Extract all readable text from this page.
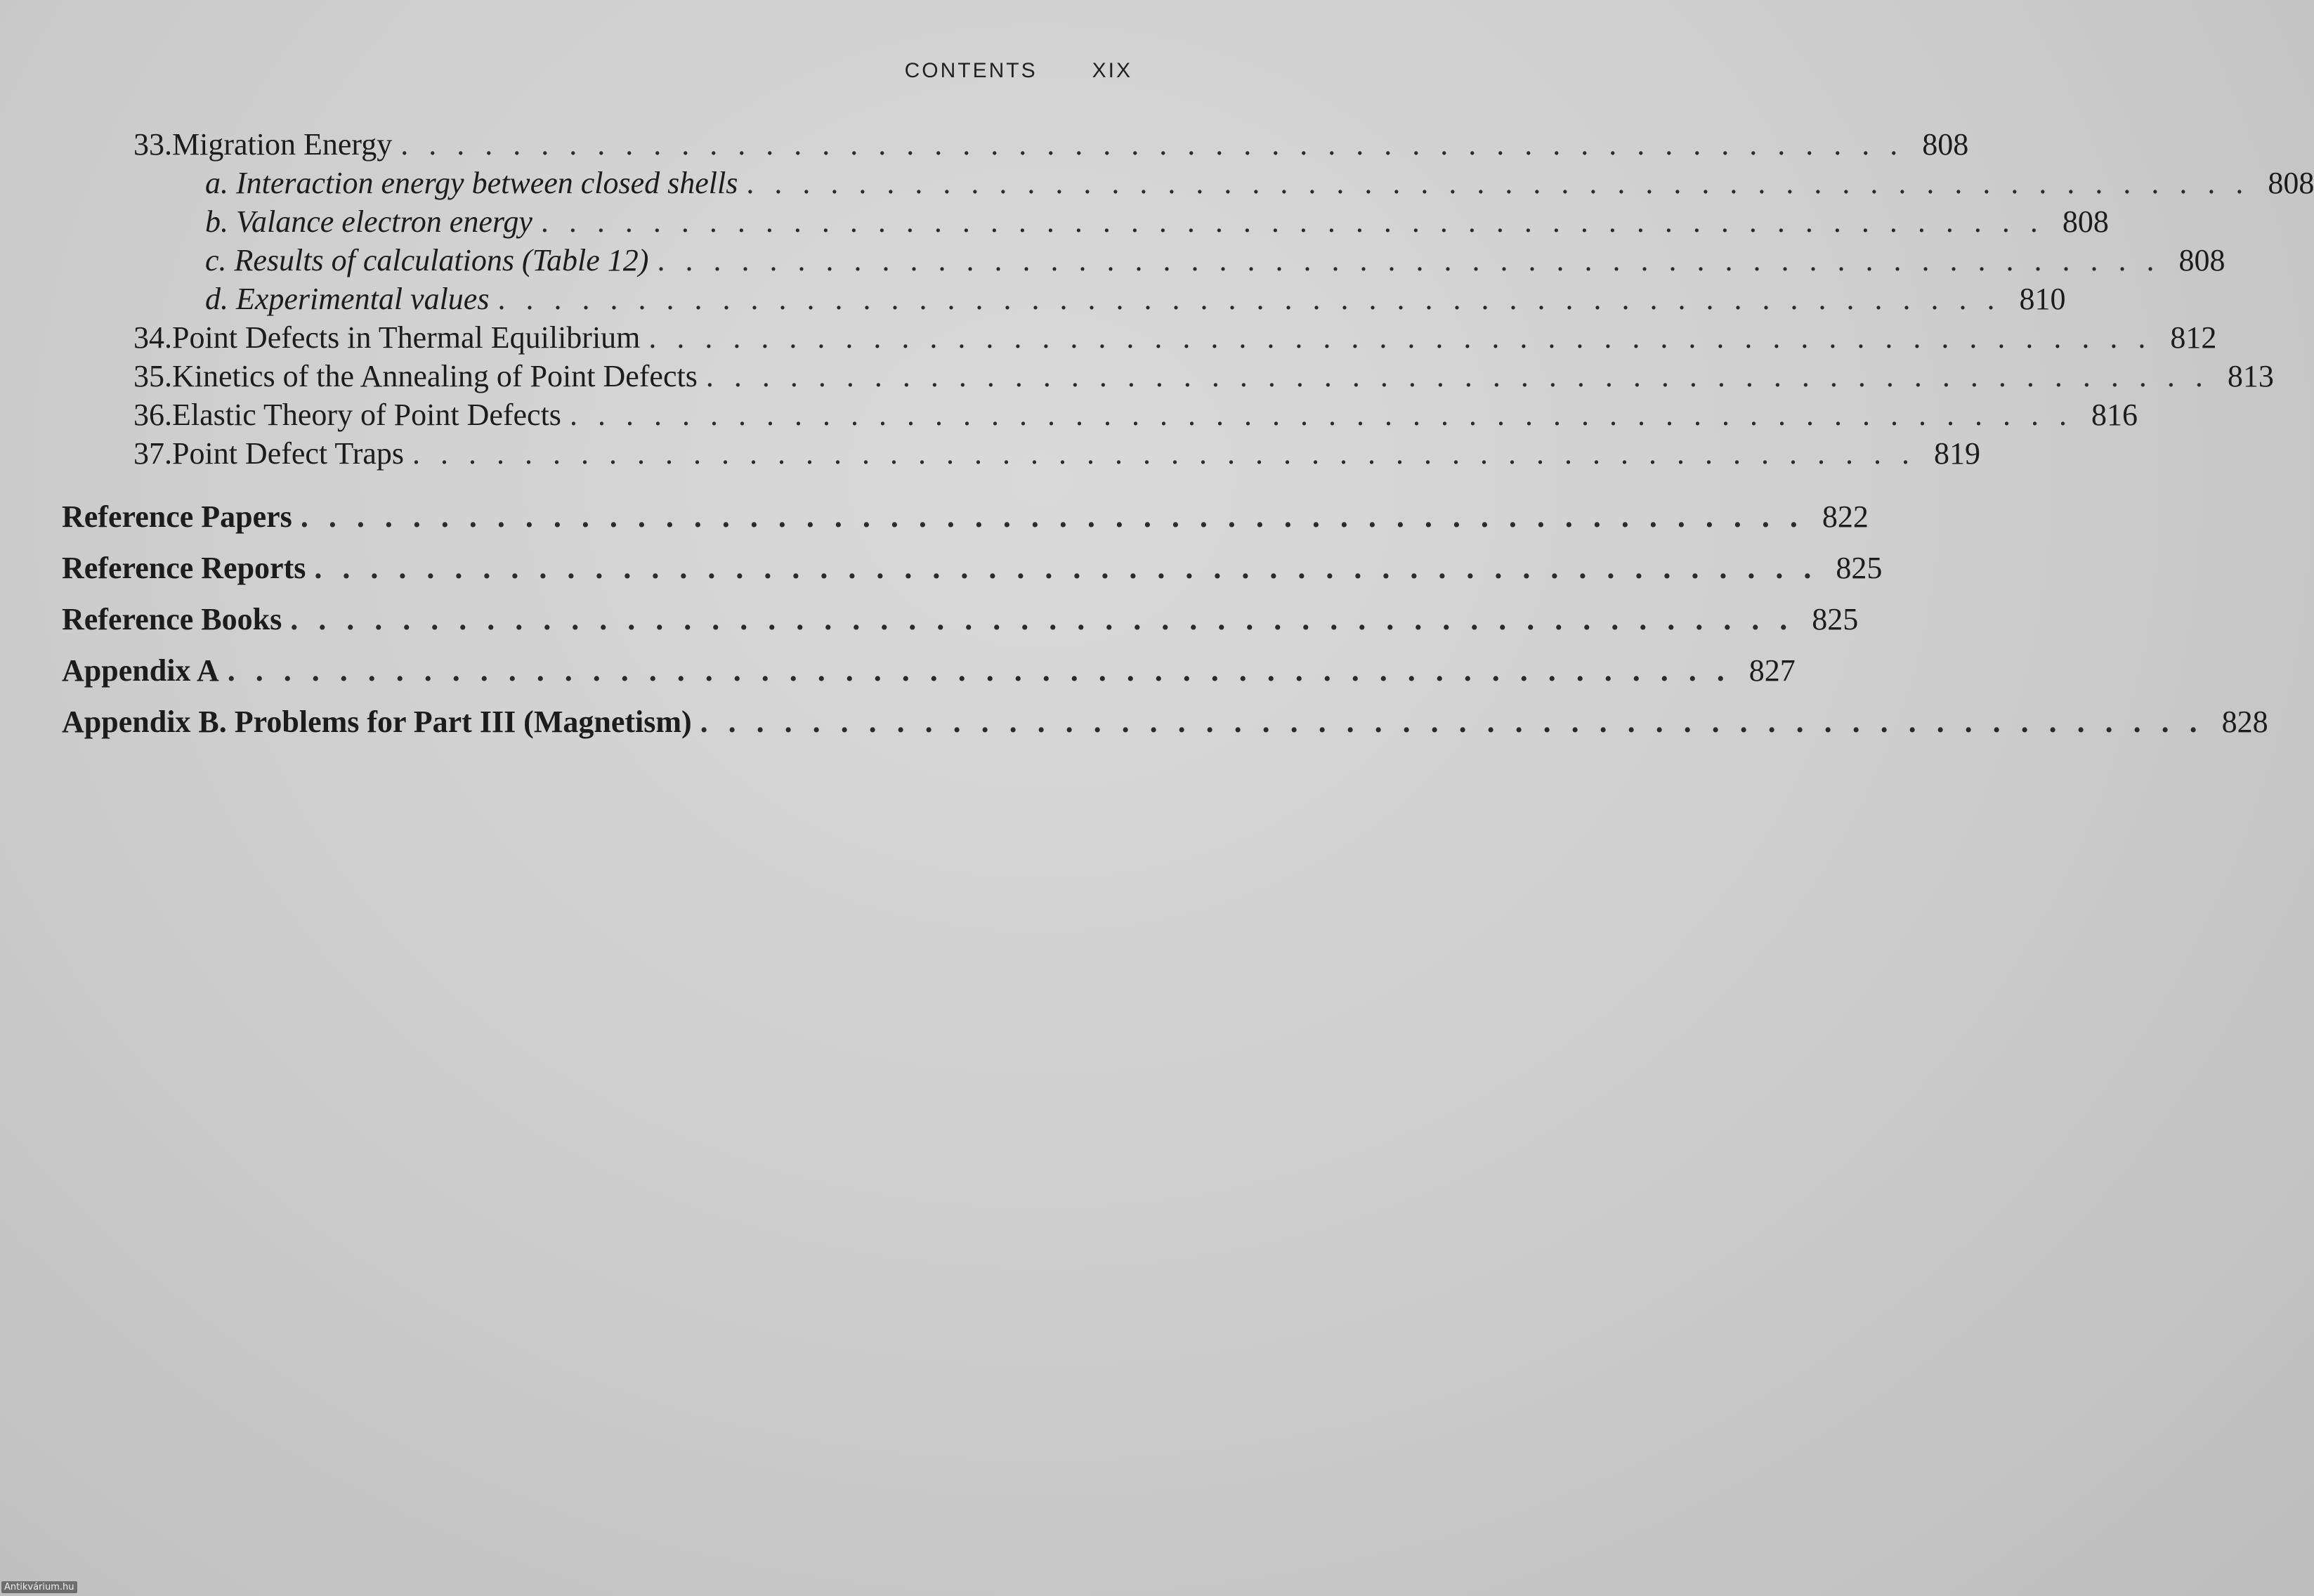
CONTENTS	XIX
33. Migration Energy . . . . . . . . . . . . . . . . . . . . . . . . . . . . . . . . . . . . . . . . . . . . . . . . . . . . . . 808
a. Interaction energy between closed shells . . . . . . . . . . . . . . . . . . . . . . . . . . . . . . . . . . . . . . . . . . . . . . . . . . . . . . 808
b. Valance electron energy . . . . . . . . . . . . . . . . . . . . . . . . . . . . . . . . . . . . . . . . . . . . . . . . . . . . . . 808
c. Results of calculations (Table 12) . . . . . . . . . . . . . . . . . . . . . . . . . . . . . . . . . . . . . . . . . . . . . . . . . . . . . . 808
d. Experimental values . . . . . . . . . . . . . . . . . . . . . . . . . . . . . . . . . . . . . . . . . . . . . . . . . . . . . . 810
34. Point Defects in Thermal Equilibrium . . . . . . . . . . . . . . . . . . . . . . . . . . . . . . . . . . . . . . . . . . . . . . . . . . . . . . 812
35. Kinetics of the Annealing of Point Defects . . . . . . . . . . . . . . . . . . . . . . . . . . . . . . . . . . . . . . . . . . . . . . . . . . . . . . 813
36. Elastic Theory of Point Defects . . . . . . . . . . . . . . . . . . . . . . . . . . . . . . . . . . . . . . . . . . . . . . . . . . . . . . 816
37. Point Defect Traps . . . . . . . . . . . . . . . . . . . . . . . . . . . . . . . . . . . . . . . . . . . . . . . . . . . . . . 819
Reference Papers . . . . . . . . . . . . . . . . . . . . . . . . . . . . . . . . . . . . . . . . . . . . . . . . . . . . . . 822
Reference Reports . . . . . . . . . . . . . . . . . . . . . . . . . . . . . . . . . . . . . . . . . . . . . . . . . . . . . . 825
Reference Books . . . . . . . . . . . . . . . . . . . . . . . . . . . . . . . . . . . . . . . . . . . . . . . . . . . . . . 825
Appendix A . . . . . . . . . . . . . . . . . . . . . . . . . . . . . . . . . . . . . . . . . . . . . . . . . . . . . . 827
Appendix B. Problems for Part III (Magnetism) . . . . . . . . . . . . . . . . . . . . . . . . . . . . . . . . . . . . . . . . . . . . . . . . . . . . . . 828
Antikvárium.hu
